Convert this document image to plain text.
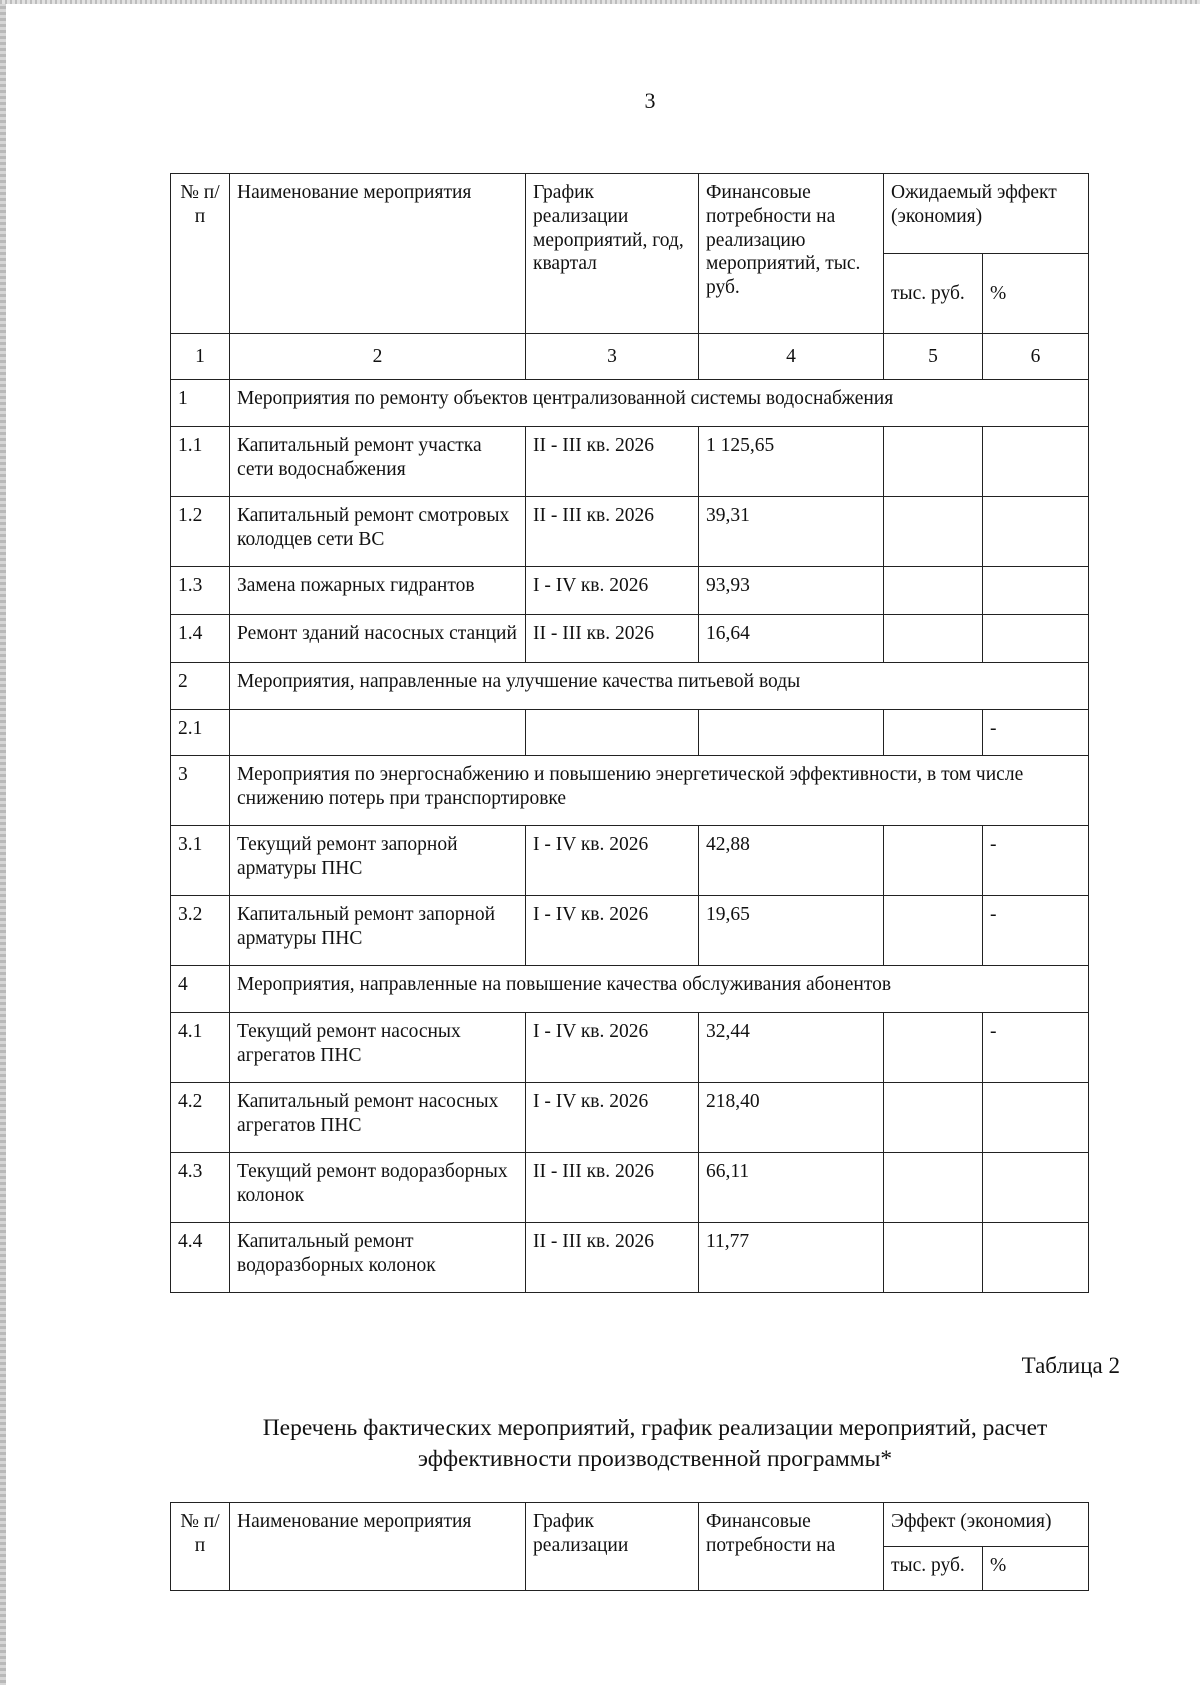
3
№ п/п	Наименование мероприятия	График реализации мероприятий, год, квартал	Финансовые потребности на реализацию мероприятий, тыс. руб.	Ожидаемый эффект (экономия)	
				тыс. руб.	%
1	2	3	4	5	6
1	Мероприятия по ремонту объектов централизованной системы водоснабжения				
1.1	Капитальный ремонт участка сети водоснабжения	II - III кв. 2026	1 125,65		
1.2	Капитальный ремонт смотровых колодцев сети ВС	II - III кв. 2026	39,31		
1.3	Замена пожарных гидрантов	I - IV кв. 2026	93,93		
1.4	Ремонт зданий насосных станций	II - III кв. 2026	16,64		
2	Мероприятия, направленные на улучшение качества питьевой воды				
2.1					-
3	Мероприятия по энергоснабжению и повышению энергетической эффективности, в том числе снижению потерь при транспортировке				
3.1	Текущий ремонт запорной арматуры ПНС	I - IV кв. 2026	42,88		-
3.2	Капитальный ремонт запорной арматуры ПНС	I - IV кв. 2026	19,65		-
4	Мероприятия, направленные на повышение качества обслуживания абонентов				
4.1	Текущий ремонт насосных агрегатов ПНС	I - IV кв. 2026	32,44		-
4.2	Капитальный ремонт насосных агрегатов ПНС	I - IV кв. 2026	218,40		
4.3	Текущий ремонт водоразборных колонок	II - III кв. 2026	66,11		
4.4	Капитальный ремонт водоразборных колонок	II - III кв. 2026	11,77		
Таблица 2
Перечень фактических мероприятий, график реализации мероприятий, расчет эффективности производственной программы*
№ п/п	Наименование мероприятия	График реализации	Финансовые потребности на	Эффект (экономия)	
				тыс. руб.	%
